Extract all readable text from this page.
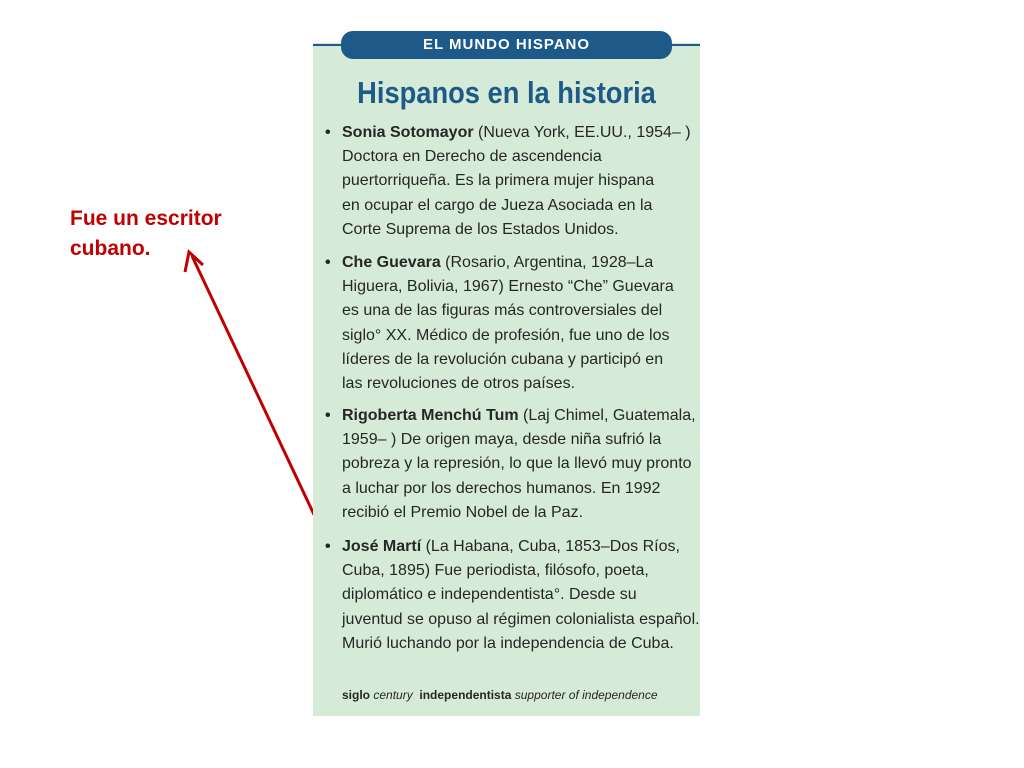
Fue un escritor
cubano.
EL MUNDO HISPANO
Hispanos en la historia
• Sonia Sotomayor (Nueva York, EE.UU., 1954– )
Doctora en Derecho de ascendencia
puertorriqueña. Es la primera mujer hispana
en ocupar el cargo de Jueza Asociada en la
Corte Suprema de los Estados Unidos.
• Che Guevara (Rosario, Argentina, 1928–La
Higuera, Bolivia, 1967) Ernesto “Che” Guevara
es una de las figuras más controversiales del
siglo° XX. Médico de profesión, fue uno de los
líderes de la revolución cubana y participó en
las revoluciones de otros países.
• Rigoberta Menchú Tum (Laj Chimel, Guatemala,
1959– ) De origen maya, desde niña sufrió la
pobreza y la represión, lo que la llevó muy pronto
a luchar por los derechos humanos. En 1992
recibió el Premio Nobel de la Paz.
• José Martí (La Habana, Cuba, 1853–Dos Ríos,
Cuba, 1895) Fue periodista, filósofo, poeta,
diplomático e independentista°. Desde su
juventud se opuso al régimen colonialista español.
Murió luchando por la independencia de Cuba.
siglo century independentista supporter of independence
